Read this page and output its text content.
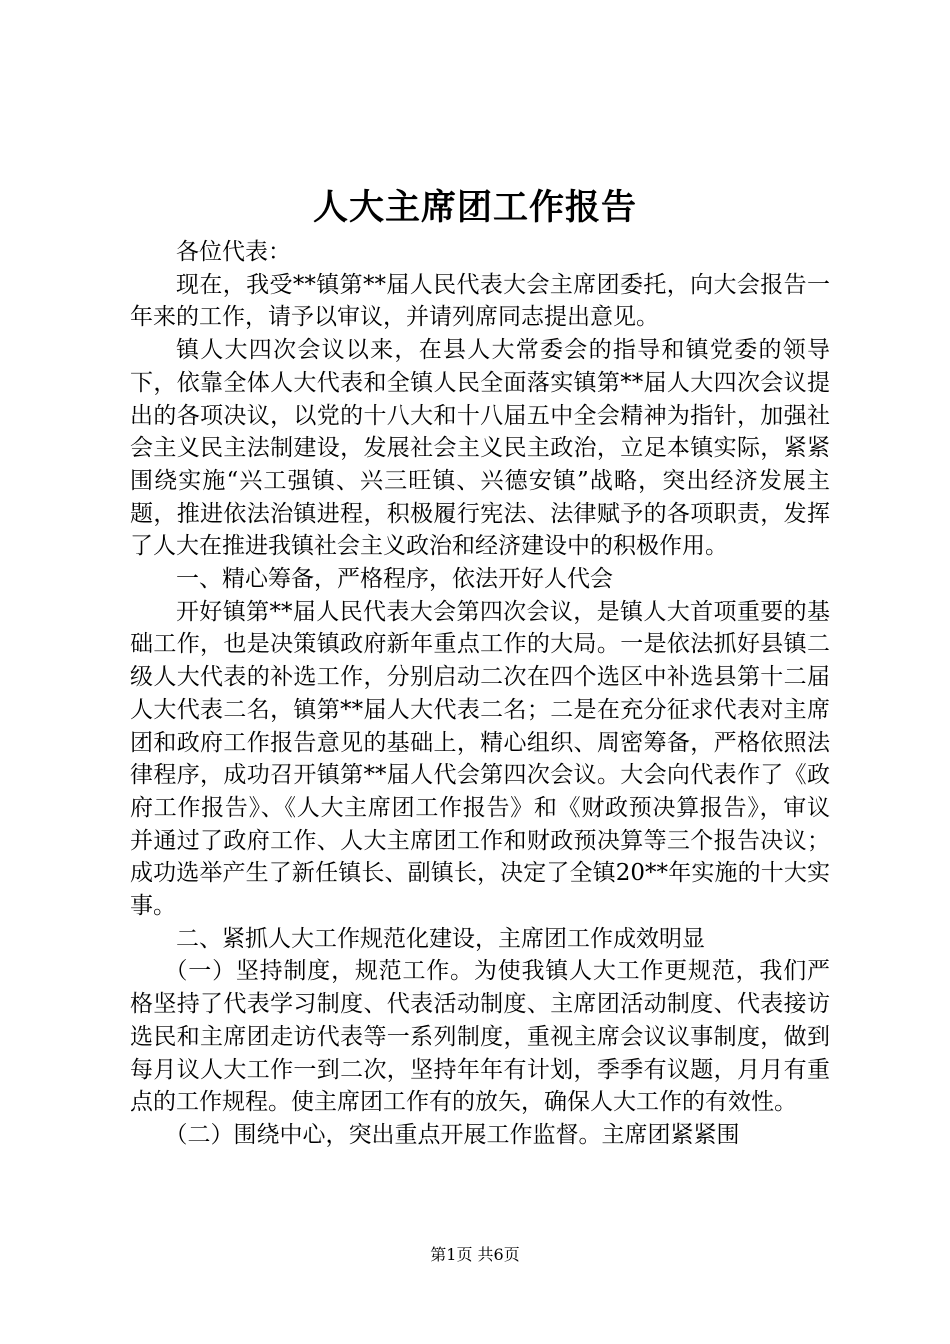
人大主席团工作报告

各位代表：

现在，我受**镇第**届人民代表大会主席团委托，向大会报告一年来的工作，请予以审议，并请列席同志提出意见。

镇人大四次会议以来，在县人大常委会的指导和镇党委的领导下，依靠全体人大代表和全镇人民全面落实镇第**届人大四次会议提出的各项决议，以党的十八大和十八届五中全会精神为指针，加强社会主义民主法制建设，发展社会主义民主政治，立足本镇实际，紧紧围绕实施“兴工强镇、兴三旺镇、兴德安镇”战略，突出经济发展主题，推进依法治镇进程，积极履行宪法、法律赋予的各项职责，发挥了人大在推进我镇社会主义政治和经济建设中的积极作用。

一、精心筹备，严格程序，依法开好人代会

开好镇第**届人民代表大会第四次会议，是镇人大首项重要的基础工作，也是决策镇政府新年重点工作的大局。一是依法抓好县镇二级人大代表的补选工作，分别启动二次在四个选区中补选县第十二届人大代表二名，镇第**届人大代表二名；二是在充分征求代表对主席团和政府工作报告意见的基础上，精心组织、周密筹备，严格依照法律程序，成功召开镇第**届人代会第四次会议。大会向代表作了《政府工作报告》、《人大主席团工作报告》和《财政预决算报告》，审议并通过了政府工作、人大主席团工作和财政预决算等三个报告决议；成功选举产生了新任镇长、副镇长，决定了全镇20**年实施的十大实事。

二、紧抓人大工作规范化建设，主席团工作成效明显

（一）坚持制度，规范工作。为使我镇人大工作更规范，我们严格坚持了代表学习制度、代表活动制度、主席团活动制度、代表接访选民和主席团走访代表等一系列制度，重视主席会议议事制度，做到每月议人大工作一到二次，坚持年年有计划，季季有议题，月月有重点的工作规程。使主席团工作有的放矢，确保人大工作的有效性。

（二）围绕中心，突出重点开展工作监督。主席团紧紧围

第1页 共6页
